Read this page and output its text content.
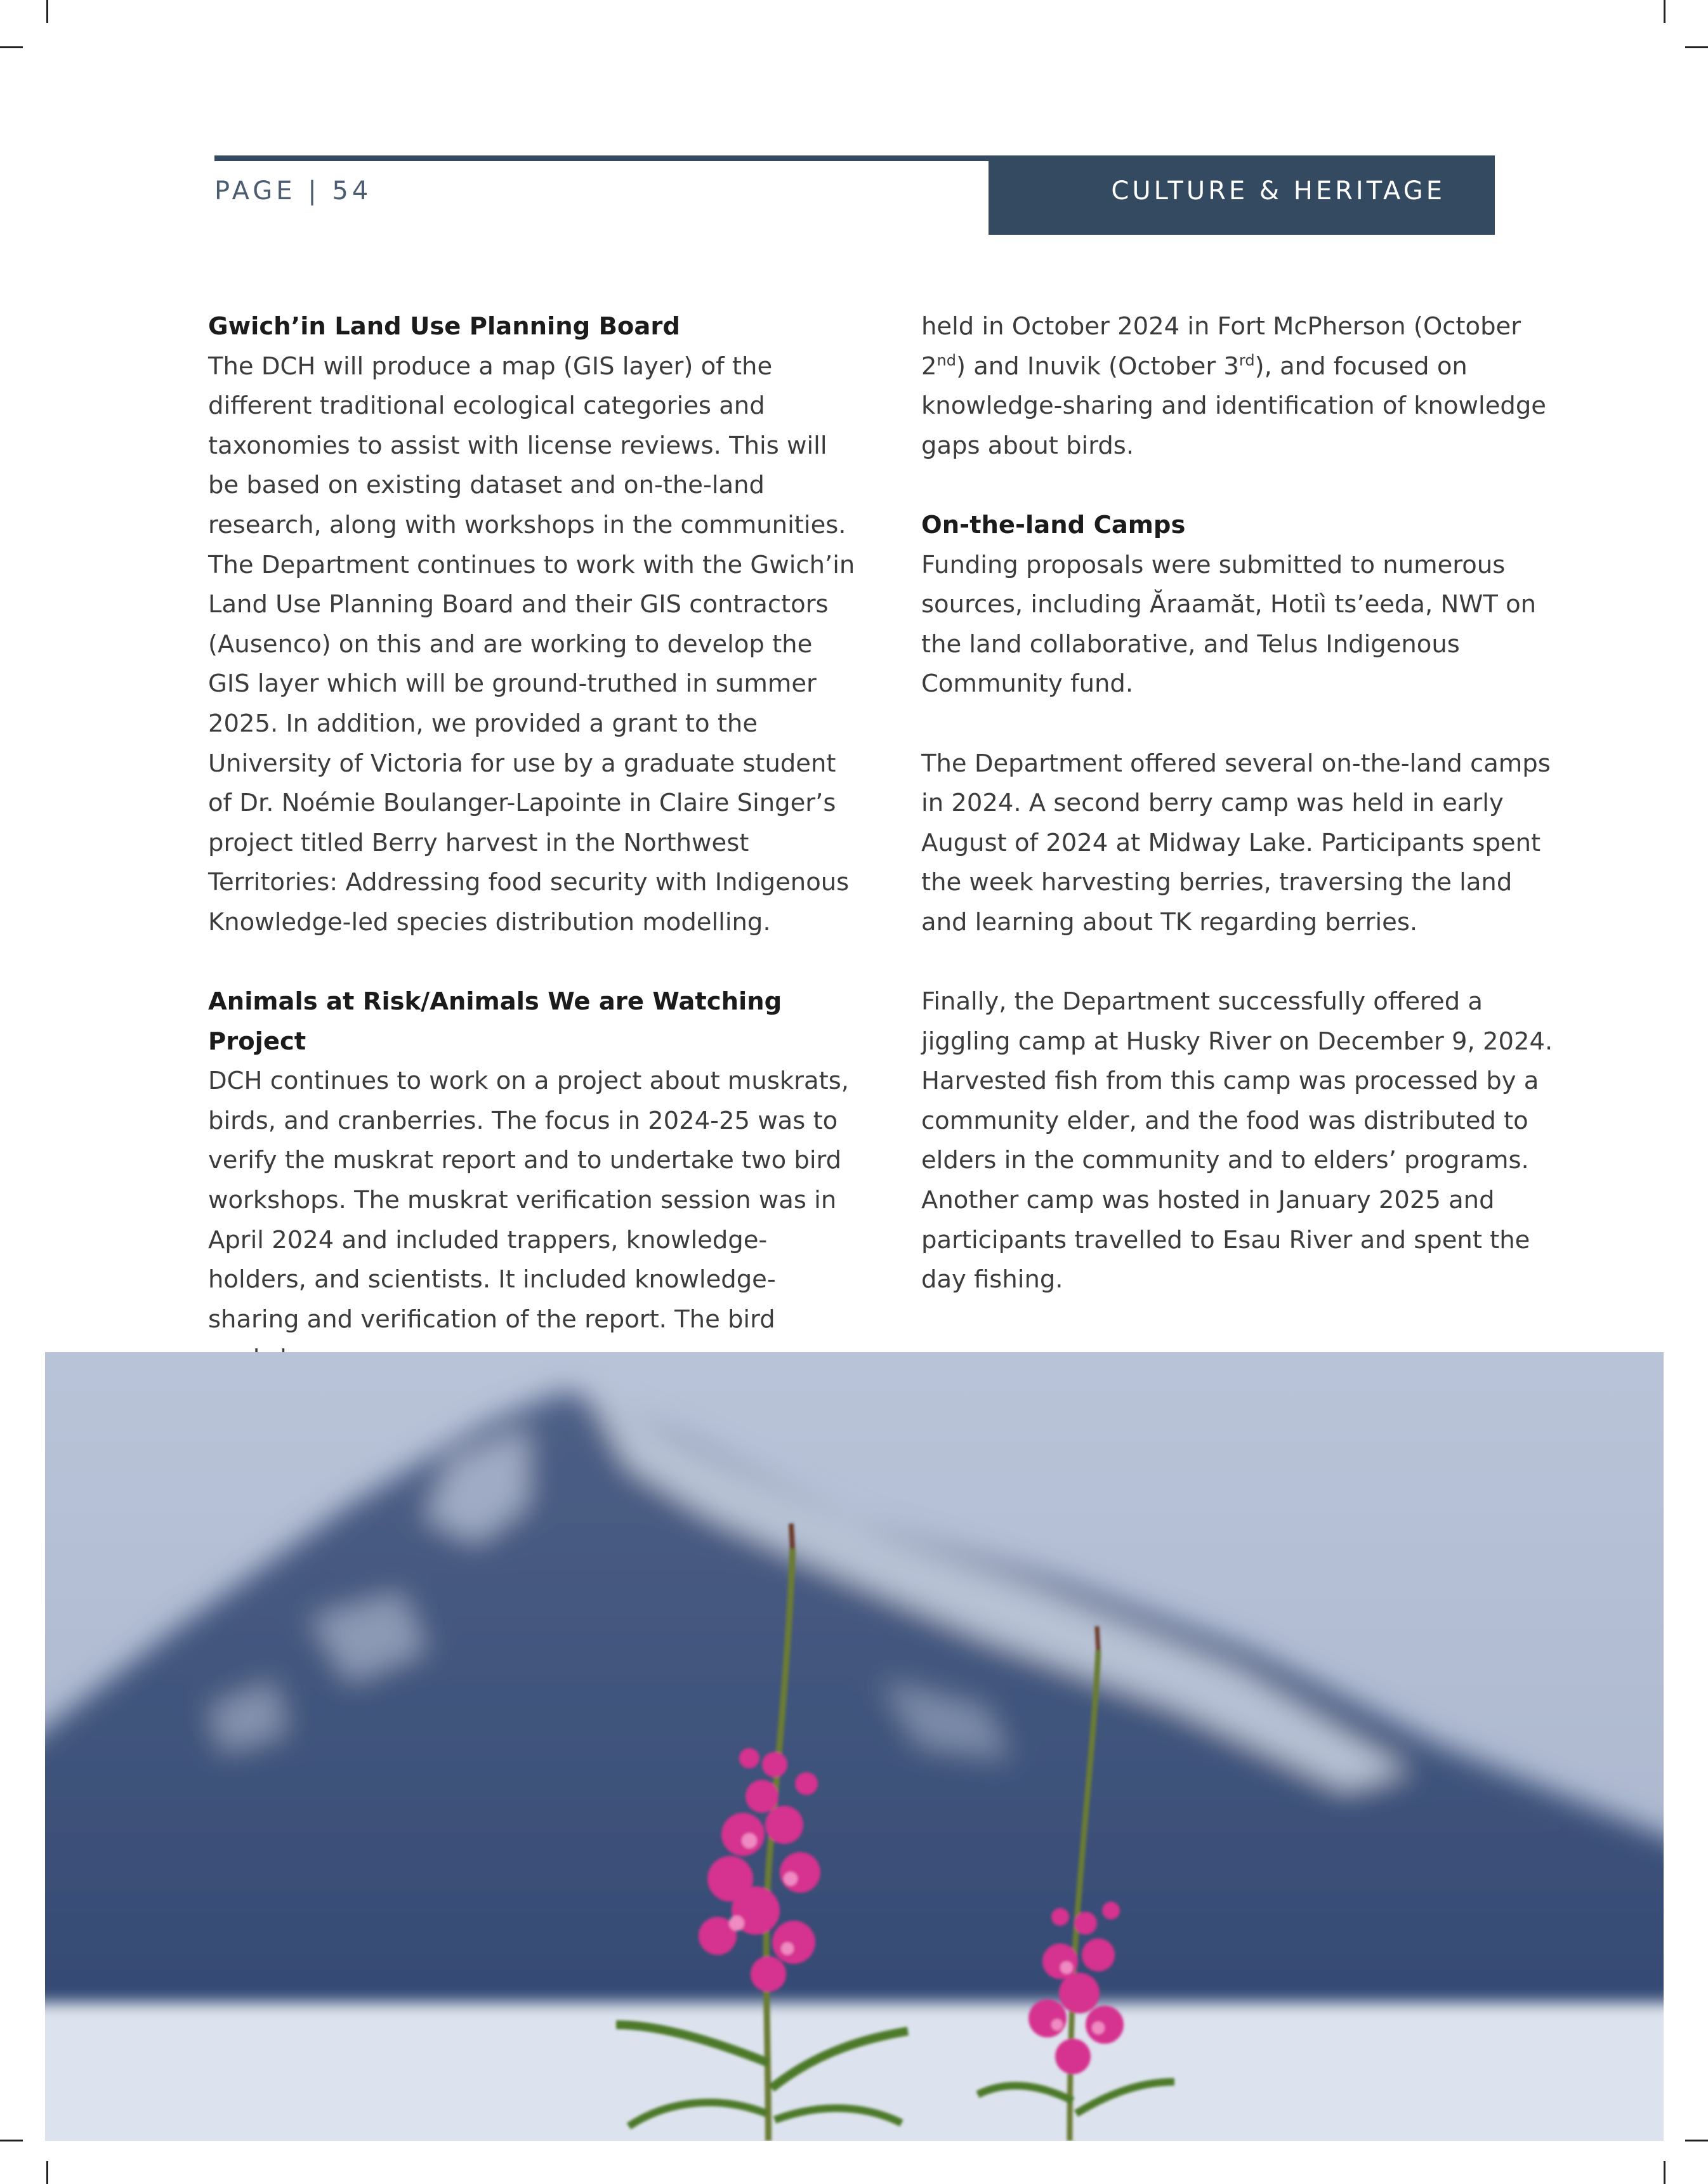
PAGE | 54	CULTURE & HERITAGE
Gwich’in Land Use Planning Board

The DCH will produce a map (GIS layer) of the different traditional ecological categories and taxonomies to assist with license reviews. This will be based on existing dataset and on-the-land research, along with workshops in the communities. The Department continues to work with the Gwich’in Land Use Planning Board and their GIS contractors (Ausenco) on this and are working to develop the GIS layer which will be ground-truthed in summer 2025. In addition, we provided a grant to the University of Victoria for use by a graduate student of Dr. Noémie Boulanger-Lapointe in Claire Singer’s project titled Berry harvest in the Northwest Territories: Addressing food security with Indigenous Knowledge-led species distribution modelling.

Animals at Risk/Animals We are Watching Project

DCH continues to work on a project about muskrats, birds, and cranberries. The focus in 2024-25 was to verify the muskrat report and to undertake two bird workshops. The muskrat verification session was in April 2024 and included trappers, knowledge-holders, and scientists. It included knowledge-sharing and verification of the report. The bird

held in October 2024 in Fort McPherson (October 2nd) and Inuvik (October 3rd), and focused on knowledge-sharing and identification of knowledge gaps about birds.

On-the-land Camps

Funding proposals were submitted to numerous sources, including Ăraamăt, Hotiì ts’eeda, NWT on the land collaborative, and Telus Indigenous Community fund.

The Department offered several on-the-land camps in 2024. A second berry camp was held in early August of 2024 at Midway Lake. Participants spent the week harvesting berries, traversing the land and learning about TK regarding berries.

Finally, the Department successfully offered a jiggling camp at Husky River on December 9, 2024. Harvested fish from this camp was processed by a community elder, and the food was distributed to elders in the community and to elders’ programs. Another camp was hosted in January 2025 and participants travelled to Esau River and spent the day fishing.
